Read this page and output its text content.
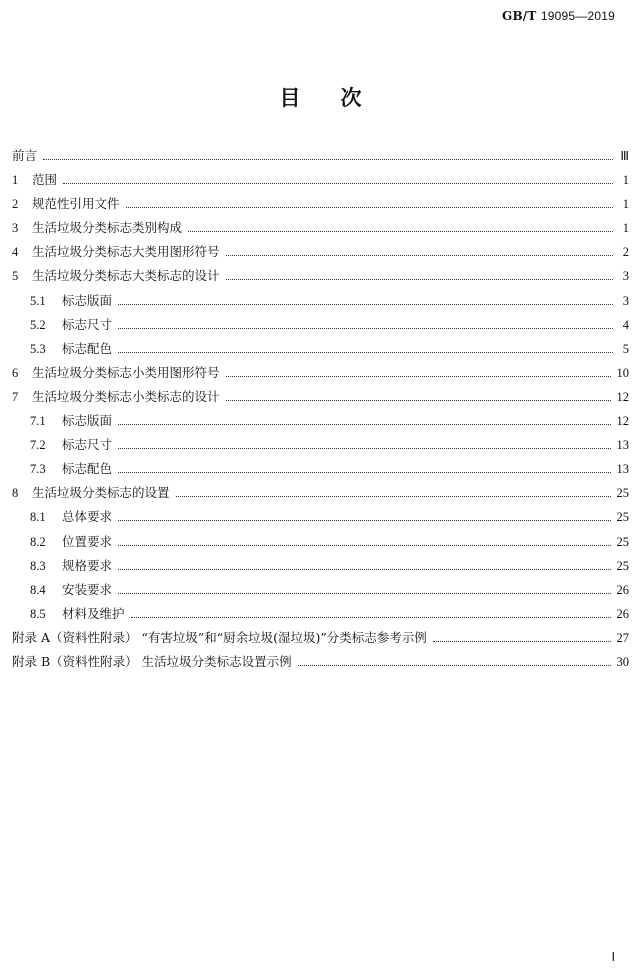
GB/T 19095—2019
目 次
前言	Ⅲ
1	范围	1
2	规范性引用文件	1
3	生活垃圾分类标志类别构成	1
4	生活垃圾分类标志大类用图形符号	2
5	生活垃圾分类标志大类标志的设计	3
5.1	标志版面	3
5.2	标志尺寸	4
5.3	标志配色	5
6	生活垃圾分类标志小类用图形符号	10
7	生活垃圾分类标志小类标志的设计	12
7.1	标志版面	12
7.2	标志尺寸	13
7.3	标志配色	13
8	生活垃圾分类标志的设置	25
8.1	总体要求	25
8.2	位置要求	25
8.3	规格要求	25
8.4	安装要求	26
8.5	材料及维护	26
附录 A（资料性附录） “有害垃圾”和“厨余垃圾(湿垃圾)”分类标志参考示例	27
附录 B（资料性附录） 生活垃圾分类标志设置示例	30
Ⅰ
